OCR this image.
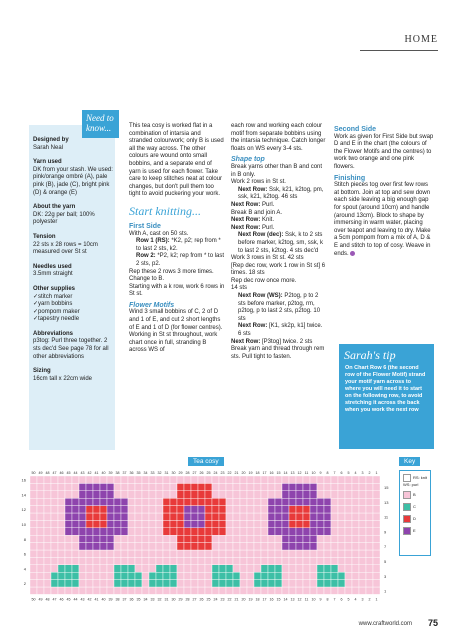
HOME
Need to know...
Designed by

Sarah Neal

Yarn used

DK from your stash. We used: pink/orange ombré (A), pale pink (B), jade (C), bright pink (D) & orange (E)

About the yarn

DK: 22g per ball; 100% polyester

Tension

22 sts x 28 rows = 10cm measured over St st

Needles used

3.5mm straight

Other supplies

✓ stitch marker

✓ yarn bobbins

✓ pompom maker

✓ tapestry needle

Abbreviations

p3tog: Purl three together. 2 sts dec'd See page 78 for all other abbreviations

Sizing

16cm tall x 22cm wide

This tea cosy is worked flat in a combination of intarsia and stranded colourwork; only B is used all the way across. The other colours are wound onto small bobbins, and a separate end of yarn is used for each flower. Take care to keep stitches neat at colour changes, but don't pull them too tight to avoid puckering your work.

Start knitting...

First Side

With A, cast on 50 sts.

Row 1 (RS): *K2, p2; rep from * to last 2 sts, k2.

Row 2: *P2, k2; rep from * to last 2 sts, p2.

Rep these 2 rows 3 more times.

Change to B.

Starting with a k row, work 6 rows in St st.

Flower Motifs

Wind 3 small bobbins of C, 2 of D and 1 of E, and cut 2 short lengths of E and 1 of D (for flower centres). Working in St st throughout, work chart once in full, stranding B across WS of

each row and working each colour motif from separate bobbins using the intarsia technique. Catch longer floats on WS every 3-4 sts.

Shape top

Break yarns other than B and cont in B only.

Work 2 rows in St st.

Next Row: Ssk, k21, k2tog, pm, ssk, k21, k2tog. 46 sts

Next Row: Purl.

Break B and join A.

Next Row: Knit.

Next Row: Purl.

Next Row (dec): Ssk, k to 2 sts before marker, k2tog, sm, ssk, k to last 2 sts, k2tog. 4 sts dec'd

Work 3 rows in St st. 42 sts

[Rep dec row, work 1 row in St st] 6 times. 18 sts

Rep dec row once more.

14 sts

Next Row (WS): P2tog, p to 2 sts before marker, p2tog, rm, p2tog, p to last 2 sts, p2tog. 10 sts

Next Row: [K1, sk2p, k1] twice. 6 sts

Next Row: [P3tog] twice. 2 sts

Break yarn and thread through rem sts. Pull tight to fasten.

Second Side

Work as given for First Side but swap D and E in the chart (the colours of the Flower Motifs and the centres) to work two orange and one pink flowers.

Finishing

Stitch pieces tog over first few rows at bottom. Join at top and sew down each side leaving a big enough gap for spout (around 10cm) and handle (around 13cm). Block to shape by immersing in warm water, placing over teapot and leaving to dry. Make a 5cm pompom from a mix of A, D & E and stitch to top of cosy. Weave in ends.

Sarah's tip
On Chart Row 6 (the second row of the Flower Motif) strand your motif yarn across to where you will need it to start on the following row, to avoid stretching it across the back when you work the next row
Tea cosy	Key
50
50
49
49
48
48
47
47
46
46
45
45
44
44
43
43
42
42
41
41
40
40
39
39
38
38
37
37
36
36
35
35
34
34
33
33
32
32
31
31
30
30
29
29
28
28
27
27
26
26
25
25
24
24
23
23
22
22
21
21
20
20
19
19
18
18
17
17
16
16
15
15
14
14
13
13
12
12
11
11
10
10
9
9
8
8
7
7
6
6
5
5
4
4
3
3
2
2
1
1
16
14
12
10
8
6
4
2
15
13
11
9
7
5
3
1
RS: knit WS: purl
B
C
D
E
www.craftworld.com 75
